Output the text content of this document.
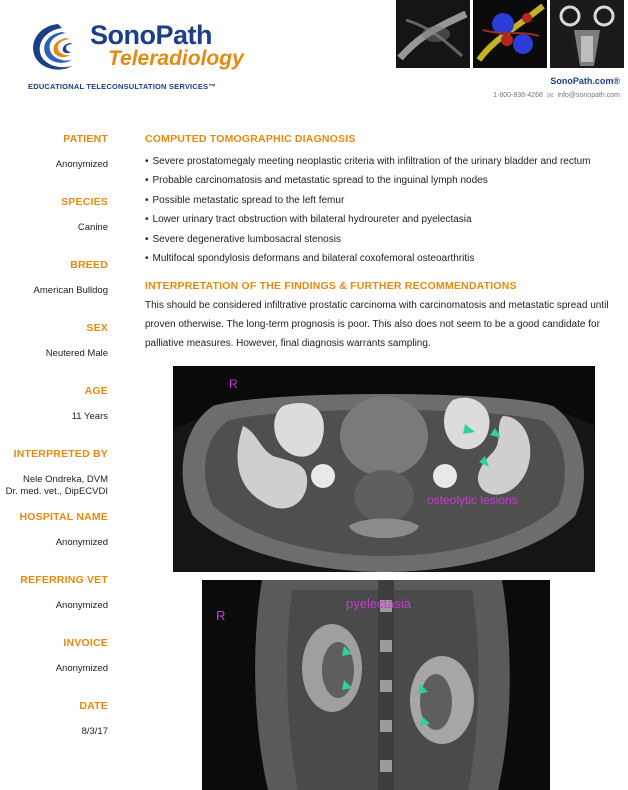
SonoPath
Teleradiology
EDUCATIONAL TELECONSULTATION SERVICES™
SonoPath.com®
1-800-838-4268 ✉ info@sonopath.com
PATIENT
Anonymized
SPECIES
Canine
BREED
American Bulldog
SEX
Neutered Male
AGE
11 Years
INTERPRETED BY
Nele Ondreka, DVM
Dr. med. vet., DipECVDI
HOSPITAL NAME
Anonymized
REFERRING VET
Anonymized
INVOICE
Anonymized
DATE
8/3/17
COMPUTED TOMOGRAPHIC DIAGNOSIS
• Severe prostatomegaly meeting neoplastic criteria with infiltration of the urinary bladder and rectum
• Probable carcinomatosis and metastatic spread to the inguinal lymph nodes
• Possible metastatic spread to the left femur
• Lower urinary tract obstruction with bilateral hydroureter and pyelectasia
• Severe degenerative lumbosacral stenosis
• Multifocal spondylosis deformans and bilateral coxofemoral osteoarthritis
INTERPRETATION OF THE FINDINGS & FURTHER RECOMMENDATIONS

This should be considered infiltrative prostatic carcinoma with carcinomatosis and metastatic spread until proven otherwise. The long-term prognosis is poor. This also does not seem to be a good candidate for palliative measures. However, final diagnosis warrants sampling.

R
osteolytic lesions
R
pyelectasia
